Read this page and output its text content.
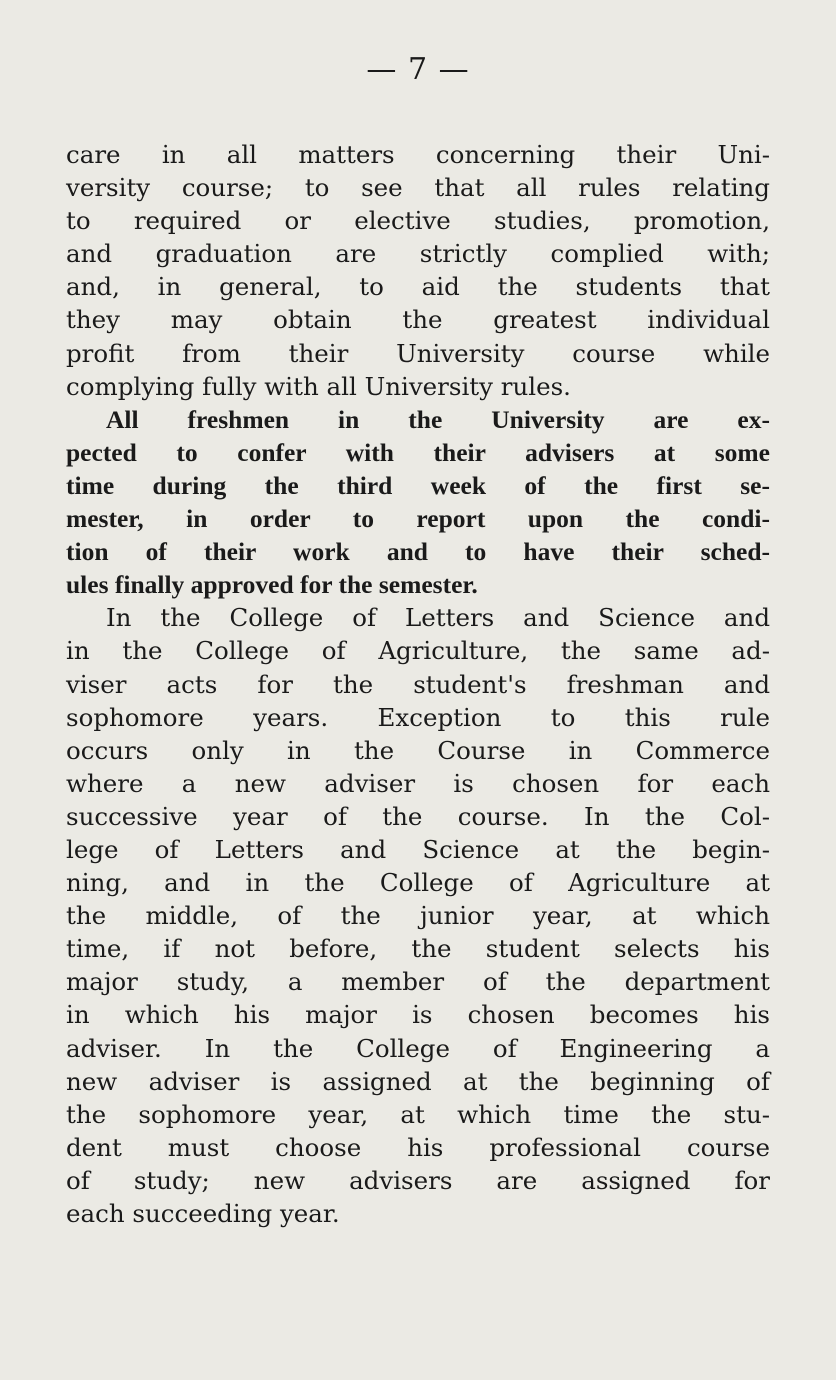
— 7 —
care in all matters concerning their Uni-
versity course; to see that all rules relating
to required or elective studies, promotion,
and graduation are strictly complied with;
and, in general, to aid the students that
they may obtain the greatest individual
profit from their University course while
complying fully with all University rules.
All freshmen in the University are ex-
pected to confer with their advisers at some
time during the third week of the first se-
mester, in order to report upon the condi-
tion of their work and to have their sched-
ules finally approved for the semester.
In the College of Letters and Science and
in the College of Agriculture, the same ad-
viser acts for the student's freshman and
sophomore years. Exception to this rule
occurs only in the Course in Commerce
where a new adviser is chosen for each
successive year of the course. In the Col-
lege of Letters and Science at the begin-
ning, and in the College of Agriculture at
the middle, of the junior year, at which
time, if not before, the student selects his
major study, a member of the department
in which his major is chosen becomes his
adviser. In the College of Engineering a
new adviser is assigned at the beginning of
the sophomore year, at which time the stu-
dent must choose his professional course
of study; new advisers are assigned for
each succeeding year.
